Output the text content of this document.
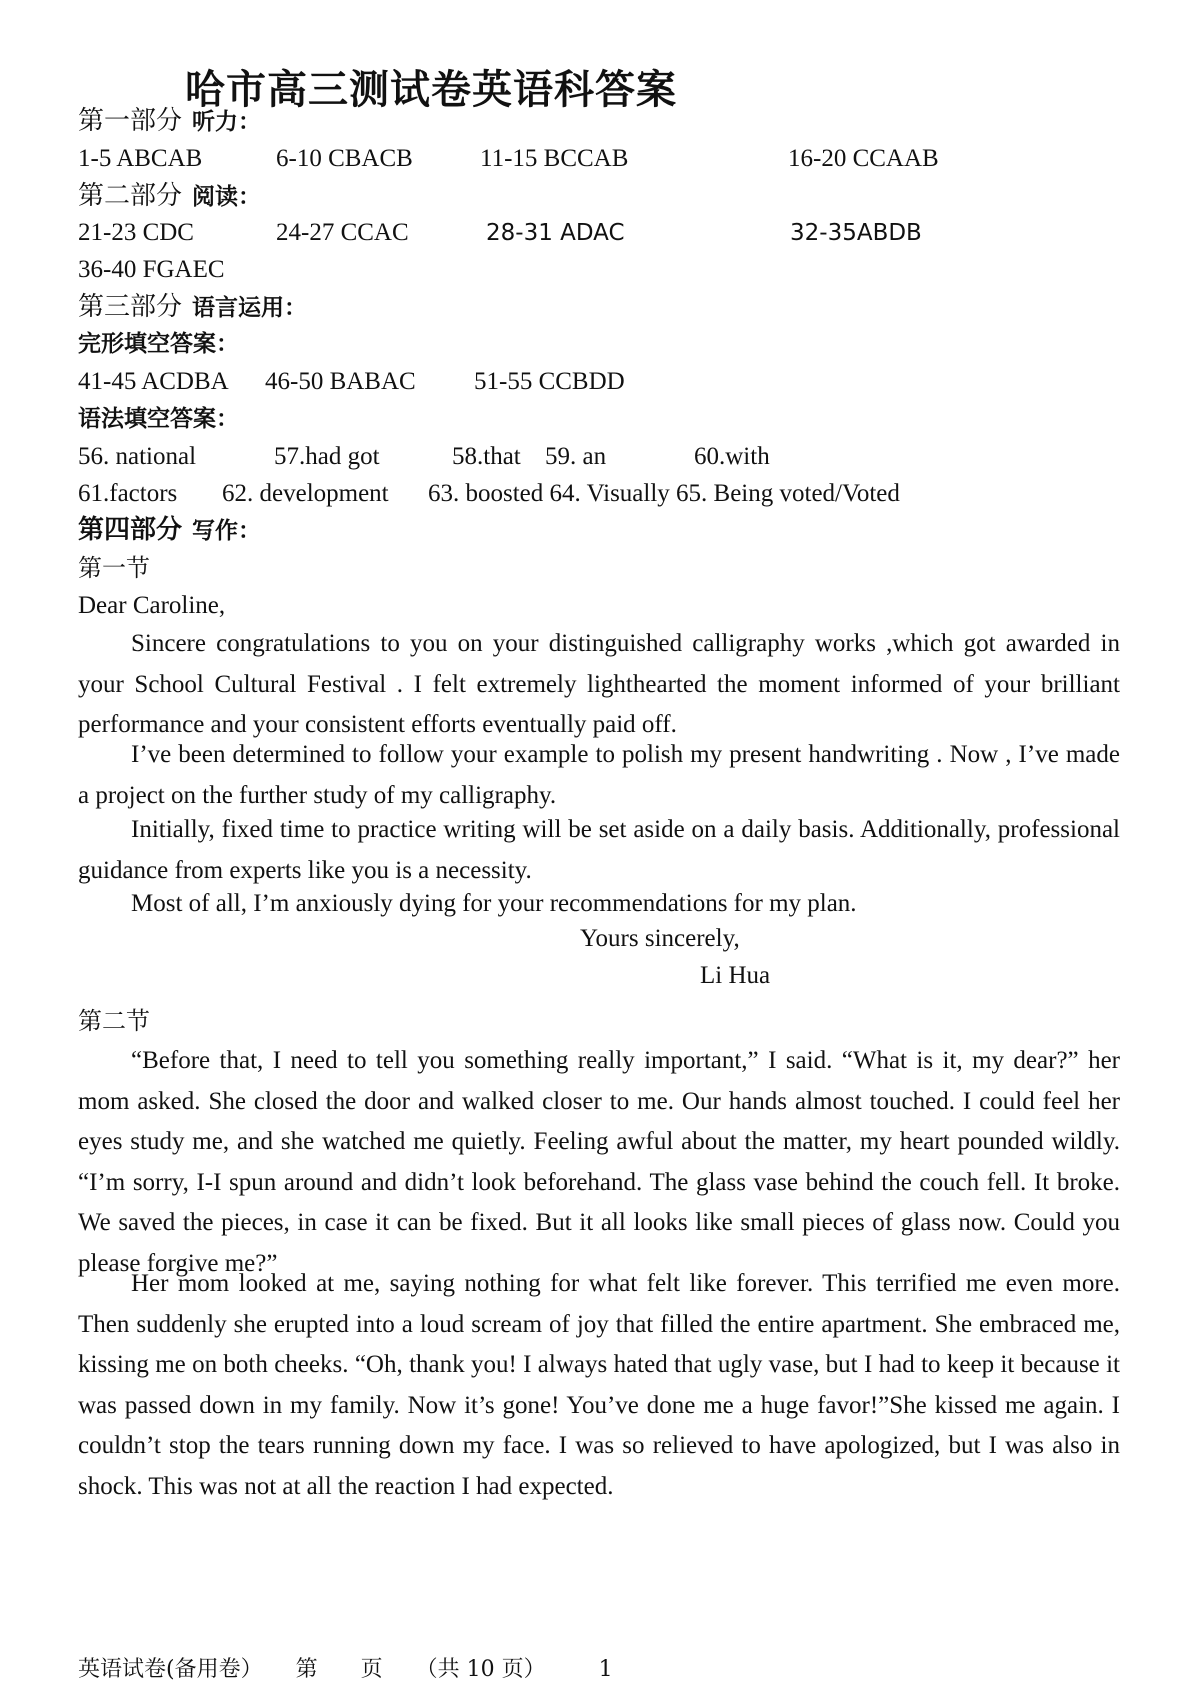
哈市高三测试卷英语科答案
第一部分 听力：
1-5 ABCAB	6-10 CBACB	11-15 BCCAB	16-20 CCAAB
第二部分 阅读：
21-23 CDC	24-27 CCAC	28-31 ADAC	32-35ABDB
36-40 FGAEC
第三部分 语言运用：
完形填空答案：
41-45 ACDBA 46-50 BABAC 51-55 CCBDD
语法填空答案：
56. national	57.had got	58.that 59. an	60.with
61.factors 62. development 63. boosted 64. Visually 65. Being voted/Voted
第四部分 写作：
第一节
Dear Caroline,

Sincere congratulations to you on your distinguished calligraphy works ,which got awarded in your School Cultural Festival . I felt extremely lighthearted the moment informed of your brilliant performance and your consistent efforts eventually paid off.

I’ve been determined to follow your example to polish my present handwriting . Now , I’ve made a project on the further study of my calligraphy.

Initially, fixed time to practice writing will be set aside on a daily basis. Additionally, professional guidance from experts like you is a necessity.

Most of all, I’m anxiously dying for your recommendations for my plan.

Yours sincerely,
Li Hua
第二节

“Before that, I need to tell you something really important,” I said. “What is it, my dear?” her mom asked. She closed the door and walked closer to me. Our hands almost touched. I could feel her eyes study me, and she watched me quietly. Feeling awful about the matter, my heart pounded wildly. “I’m sorry, I-I spun around and didn’t look beforehand. The glass vase behind the couch fell. It broke. We saved the pieces, in case it can be fixed. But it all looks like small pieces of glass now. Could you please forgive me?”

Her mom looked at me, saying nothing for what felt like forever. This terrified me even more. Then suddenly she erupted into a loud scream of joy that filled the entire apartment. She embraced me, kissing me on both cheeks. “Oh, thank you! I always hated that ugly vase, but I had to keep it because it was passed down in my family. Now it’s gone! You’ve done me a huge favor!”She kissed me again. I couldn’t stop the tears running down my face. I was so relieved to have apologized, but I was also in shock. This was not at all the reaction I had expected.

英语试卷(备用卷） 第 页 （共 10 页） 1
